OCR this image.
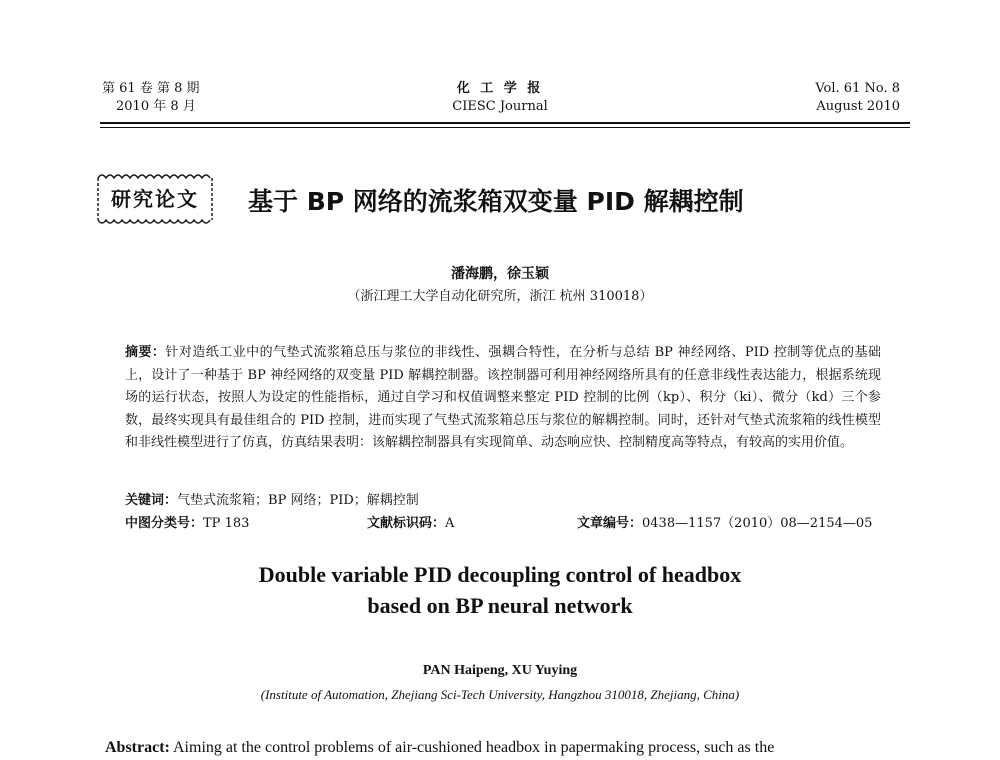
第 61 卷 第 8 期
2010 年 8 月
化 工 学 报
CIESC Journal
Vol. 61 No. 8
August 2010
研究论文	基于 BP 网络的流浆箱双变量 PID 解耦控制
潘海鹏，徐玉颖
（浙江理工大学自动化研究所，浙江 杭州 310018）
摘要：针对造纸工业中的气垫式流浆箱总压与浆位的非线性、强耦合特性，在分析与总结 BP 神经网络、PID 控制等优点的基础上，设计了一种基于 BP 神经网络的双变量 PID 解耦控制器。该控制器可利用神经网络所具有的任意非线性表达能力，根据系统现场的运行状态，按照人为设定的性能指标，通过自学习和权值调整来整定 PID 控制的比例（kp）、积分（ki）、微分（kd）三个参数，最终实现具有最佳组合的 PID 控制，进而实现了气垫式流浆箱总压与浆位的解耦控制。同时，还针对气垫式流浆箱的线性模型和非线性模型进行了仿真，仿真结果表明：该解耦控制器具有实现简单、动态响应快、控制精度高等特点，有较高的实用价值。
关键词：气垫式流浆箱；BP 网络；PID；解耦控制
中图分类号：TP 183	文献标识码：A	文章编号：0438—1157（2010）08—2154—05
Double variable PID decoupling control of headbox
based on BP neural network
PAN Haipeng, XU Yuying
(Institute of Automation, Zhejiang Sci-Tech University, Hangzhou 310018, Zhejiang, China)
Abstract: Aiming at the control problems of air-cushioned headbox in papermaking process, such as the
